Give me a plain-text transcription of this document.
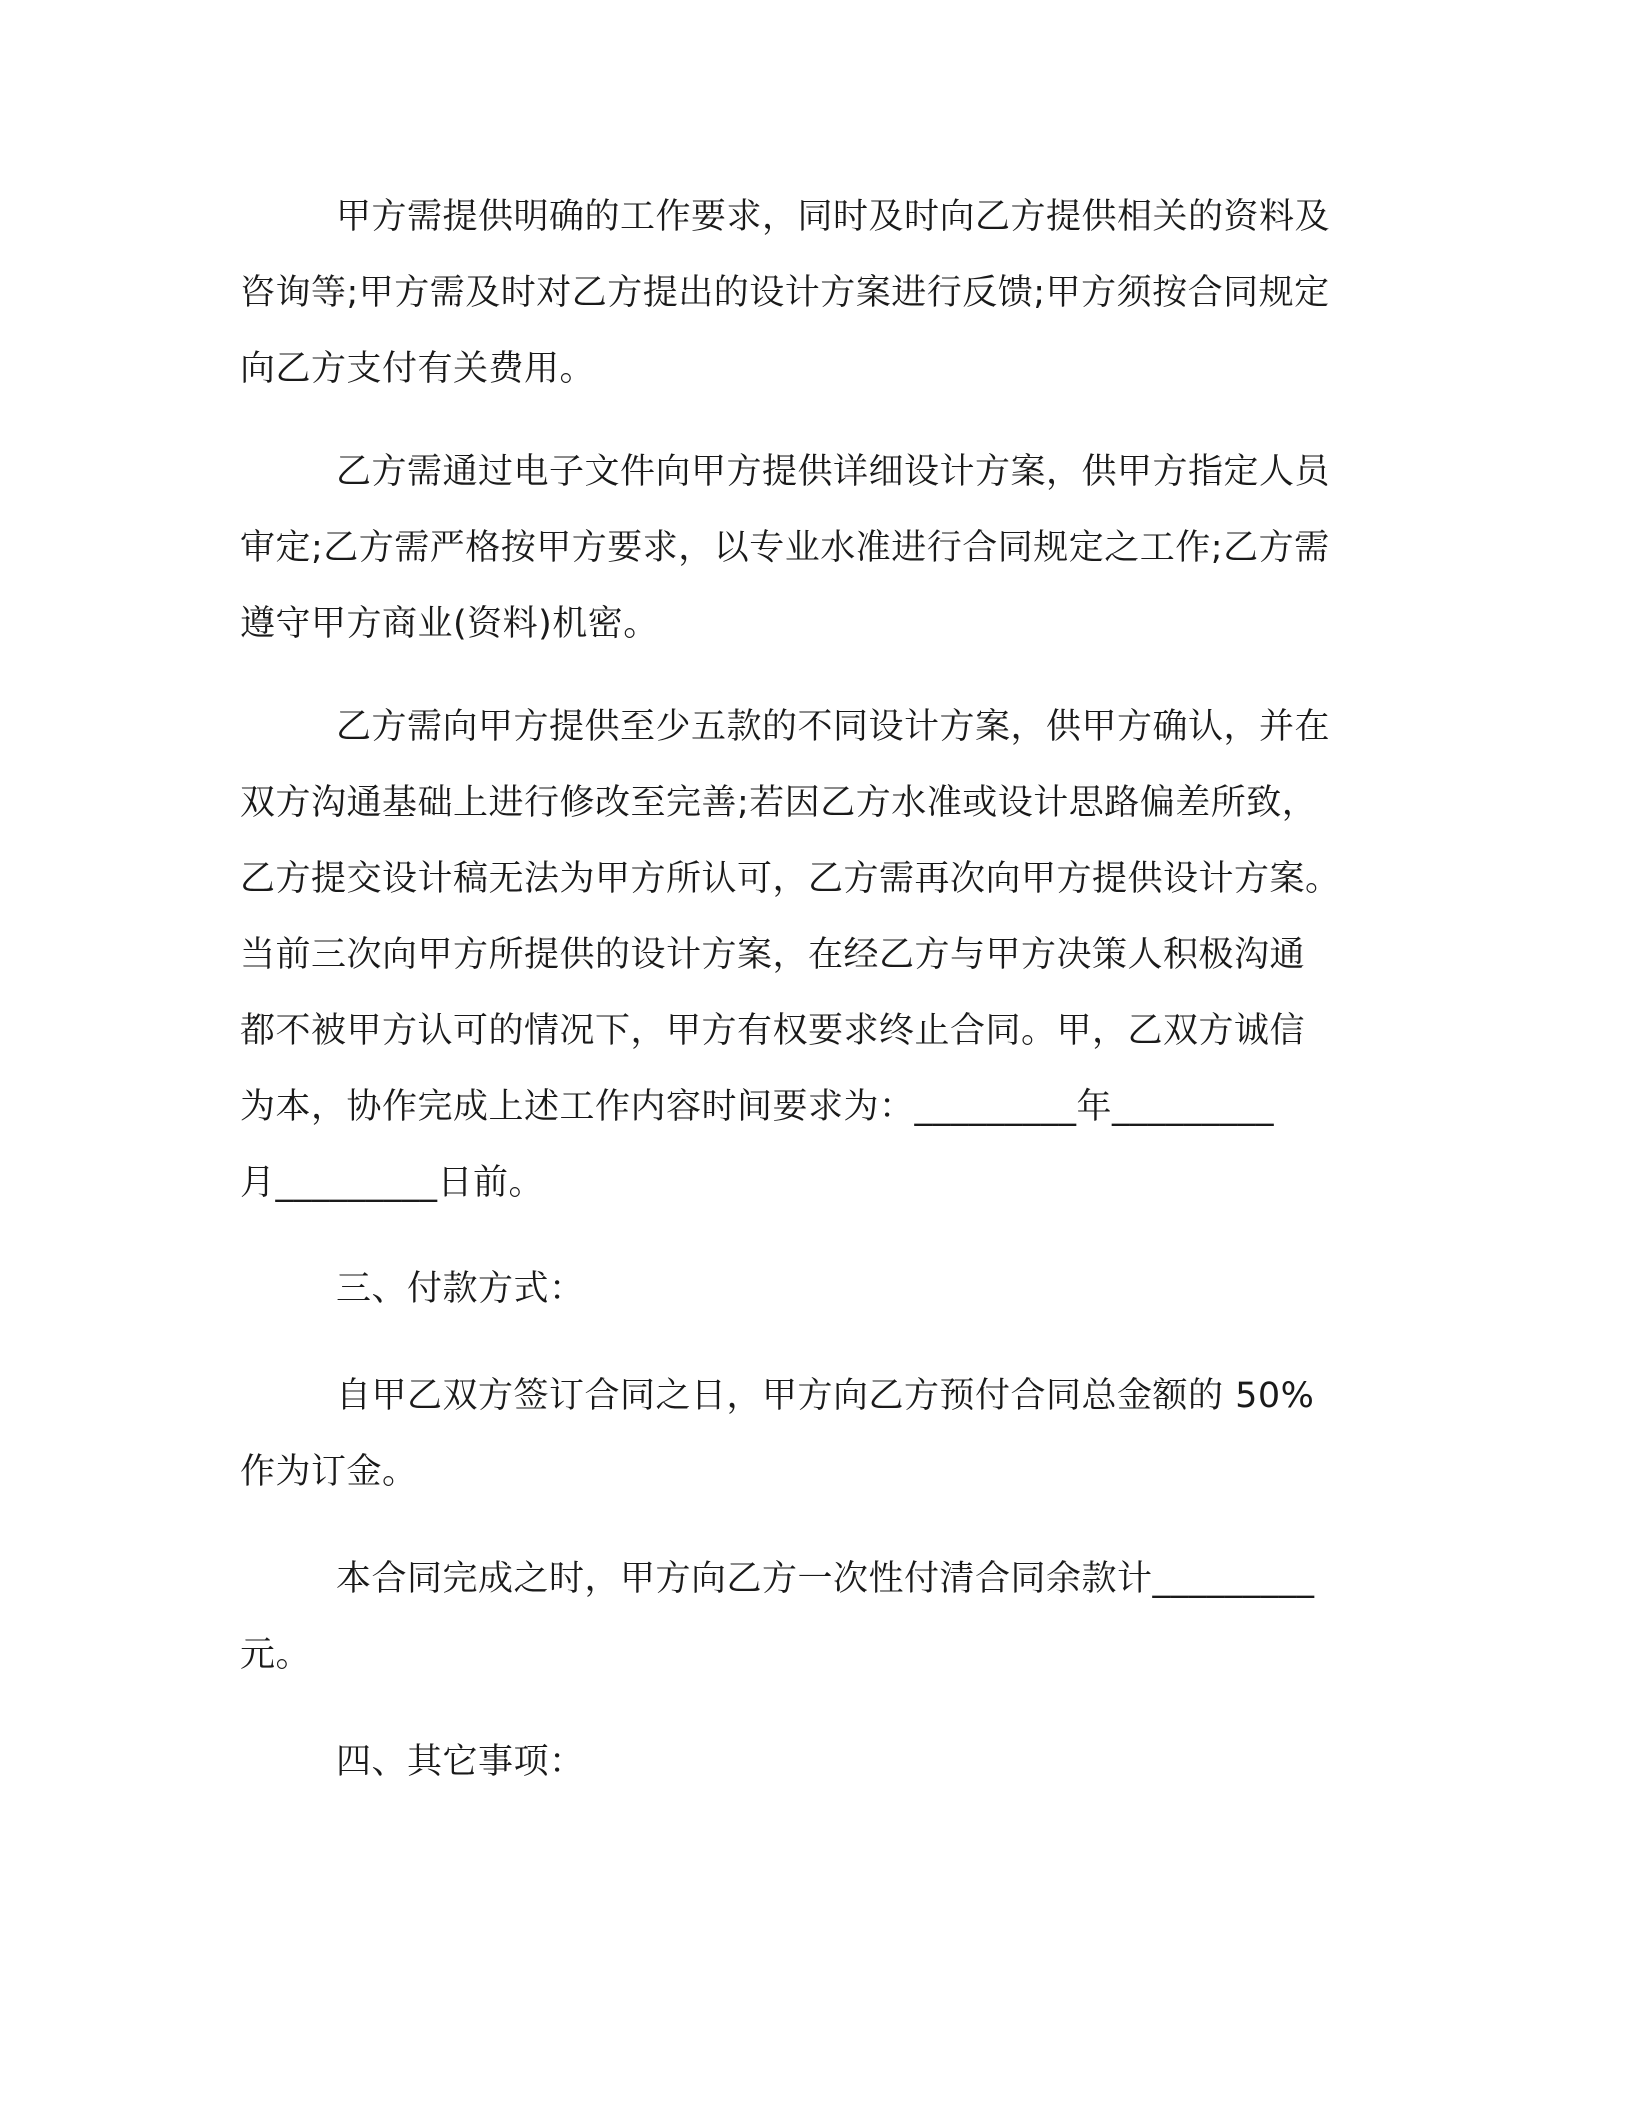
甲方需提供明确的工作要求，同时及时向乙方提供相关的资料及
咨询等;甲方需及时对乙方提出的设计方案进行反馈;甲方须按合同规定
向乙方支付有关费用。
乙方需通过电子文件向甲方提供详细设计方案，供甲方指定人员
审定;乙方需严格按甲方要求，以专业水准进行合同规定之工作;乙方需
遵守甲方商业(资料)机密。
乙方需向甲方提供至少五款的不同设计方案，供甲方确认，并在
双方沟通基础上进行修改至完善;若因乙方水准或设计思路偏差所致，
乙方提交设计稿无法为甲方所认可，乙方需再次向甲方提供设计方案。
当前三次向甲方所提供的设计方案，在经乙方与甲方决策人积极沟通
都不被甲方认可的情况下，甲方有权要求终止合同。甲，乙双方诚信
为本，协作完成上述工作内容时间要求为：_________年_________
月_________日前。
三、付款方式：
自甲乙双方签订合同之日，甲方向乙方预付合同总金额的 50%
作为订金。
本合同完成之时，甲方向乙方一次性付清合同余款计_________
元。
四、其它事项：
